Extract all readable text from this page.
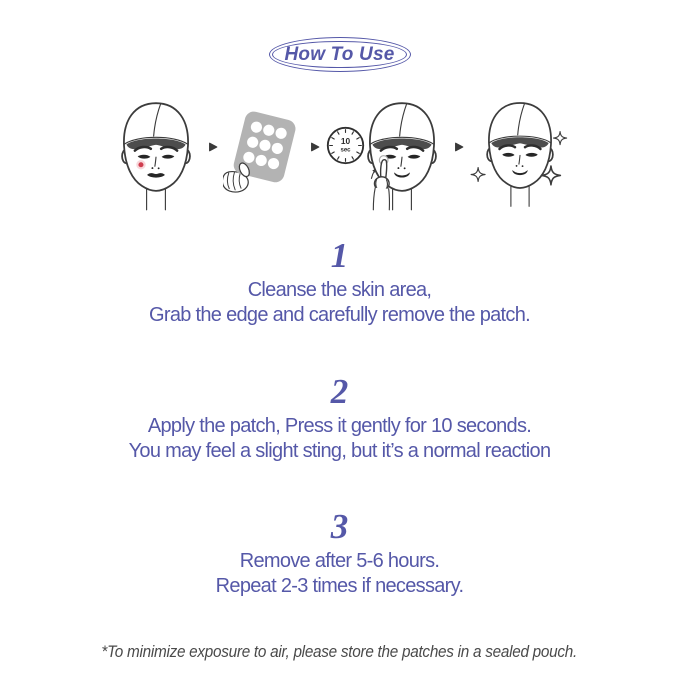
How To Use
10
sec
1
Cleanse the skin area,
Grab the edge and carefully remove the patch.
2
Apply the patch, Press it gently for 10 seconds.
You may feel a slight sting, but it’s a normal reaction
3
Remove after 5-6 hours.
Repeat 2-3 times if necessary.
*To minimize exposure to air, please store the patches in a sealed pouch.
